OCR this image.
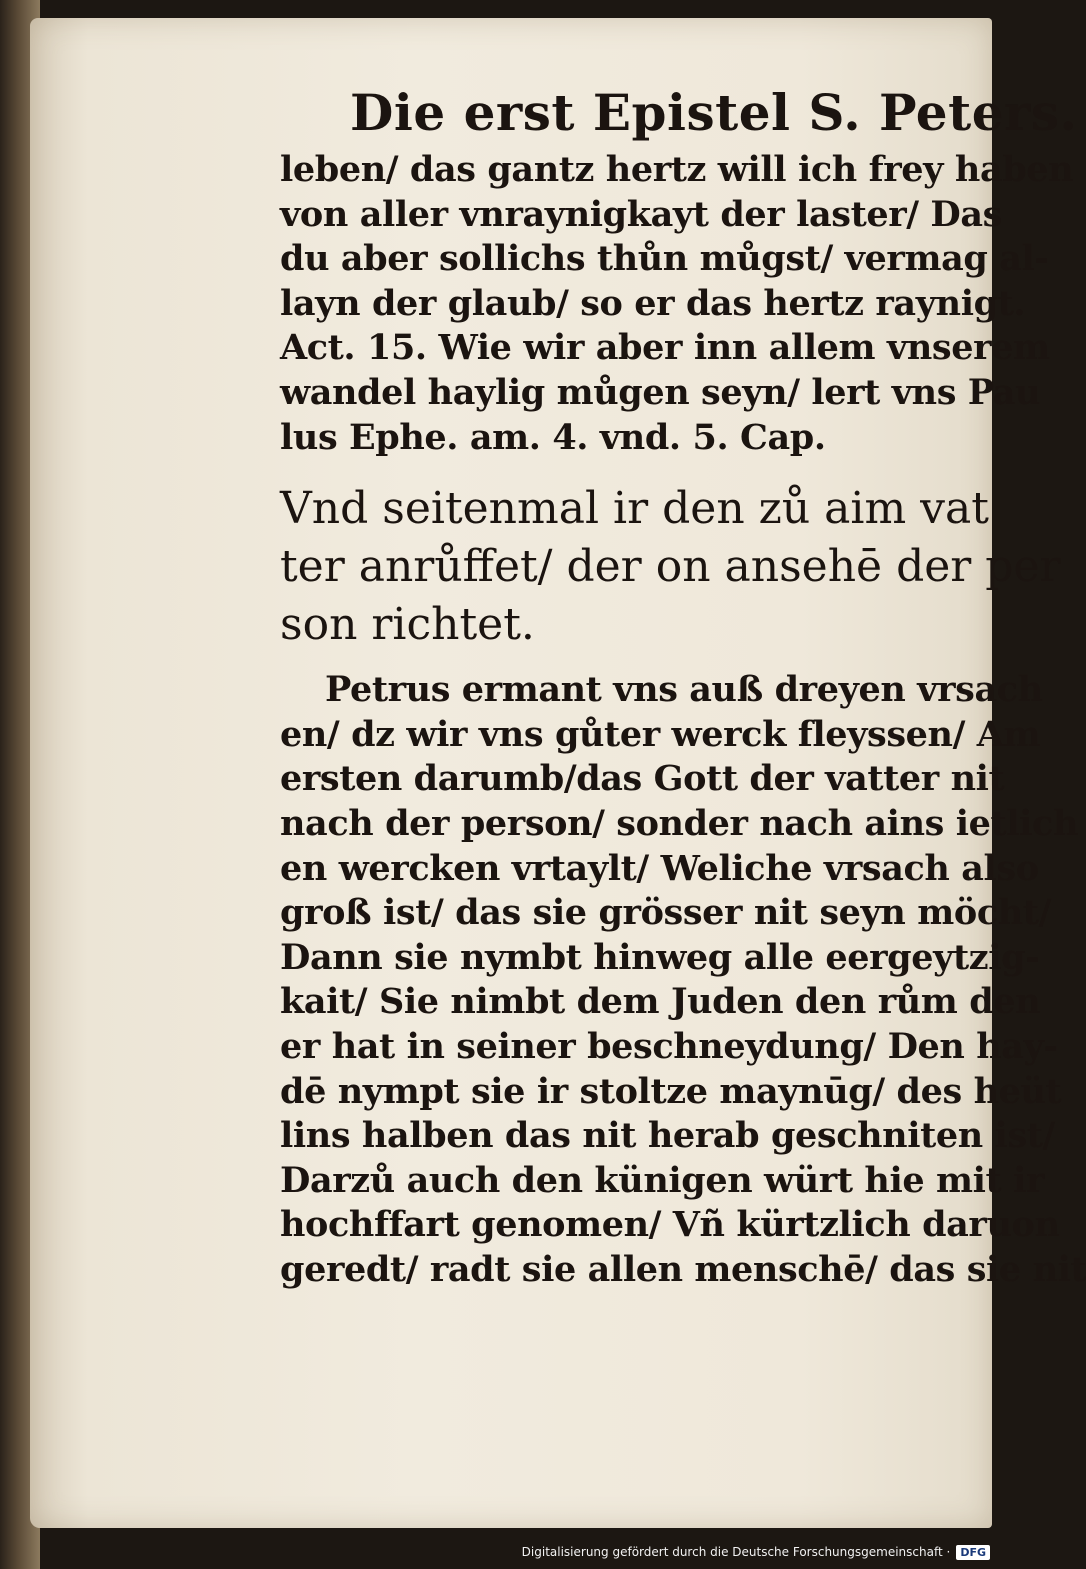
Die erst Epistel S. Peters.
leben/ das gantz hertz will ich frey haben
von aller vnraynigkayt der laster/ Das
du aber sollichs thůn můgst/ vermag al-
layn der glaub/ so er das hertz raynigt.
Act. 15. Wie wir aber inn allem vnserem
wandel haylig můgen seyn/ lert vns Pau
lus Ephe. am. 4. vnd. 5. Cap.
Vnd seitenmal ir den zů aim vat
ter anrůffet/ der on ansehē der per
son richtet.
Petrus ermant vns auß dreyen vrsach
en/ dz wir vns gůter werck fleyssen/ Am
ersten darumb/das Gott der vatter nit
nach der person/ sonder nach ains ietlich
en wercken vrtaylt/ Weliche vrsach also
groß ist/ das sie grösser nit seyn möcht/
Dann sie nymbt hinweg alle eergeytzig-
kait/ Sie nimbt dem Juden den rům den
er hat in seiner beschneydung/ Den hay-
dē nympt sie ir stoltze maynūg/ des heüt
lins halben das nit herab geschniten ist/
Darzů auch den künigen würt hie mit ir
hochffart genomen/ Vñ kürtzlich daruon
geredt/ radt sie allen menschē/ das sie nit
Digitalisierung gefördert durch die Deutsche Forschungsgemeinschaft · DFG
